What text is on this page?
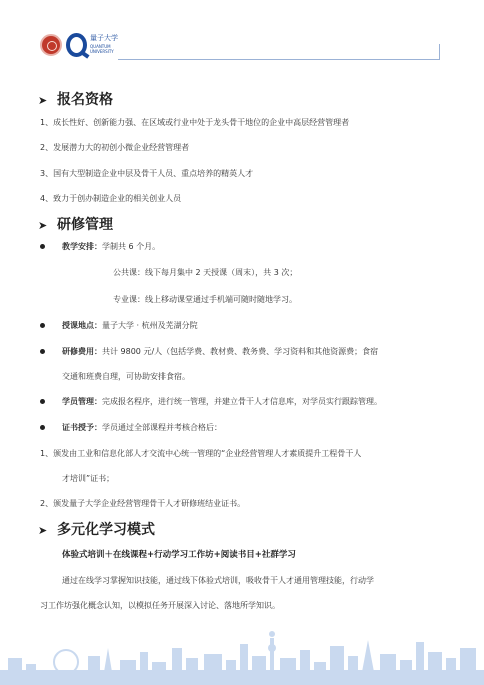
量子大学
QUANTUM UNIVERSITY
➤ 报名资格
1、成长性好、创新能力强、在区域或行业中处于龙头骨干地位的企业中高层经营管理者
2、发展潜力大的初创小微企业经营管理者
3、国有大型制造企业中层及骨干人员、重点培养的精英人才
4、致力于创办制造企业的相关创业人员
➤ 研修管理
教学安排：学制共 6 个月。
公共课：线下每月集中 2 天授课（周末），共 3 次；
专业课：线上移动课堂通过手机端可随时随地学习。
授课地点：量子大学 · 杭州及芜湖分院
研修费用：共计 9800 元/人（包括学费、教材费、教务费、学习资料和其他资源费；食宿
交通和班费自理，可协助安排食宿。
学员管理：完成报名程序，进行统一管理，并建立骨干人才信息库，对学员实行跟踪管理。
证书授予：学员通过全部课程并考核合格后：
1、颁发由工业和信息化部人才交流中心统一管理的“企业经营管理人才素质提升工程骨干人
才培训”证书；
2、颁发量子大学企业经营管理骨干人才研修班结业证书。
➤ 多元化学习模式
体验式培训＋在线课程+行动学习工作坊+阅读书目+社群学习
通过在线学习掌握知识技能，通过线下体验式培训，吸收骨干人才通用管理技能，行动学
习工作坊强化概念认知，以模拟任务开展深入讨论、落地所学知识。
